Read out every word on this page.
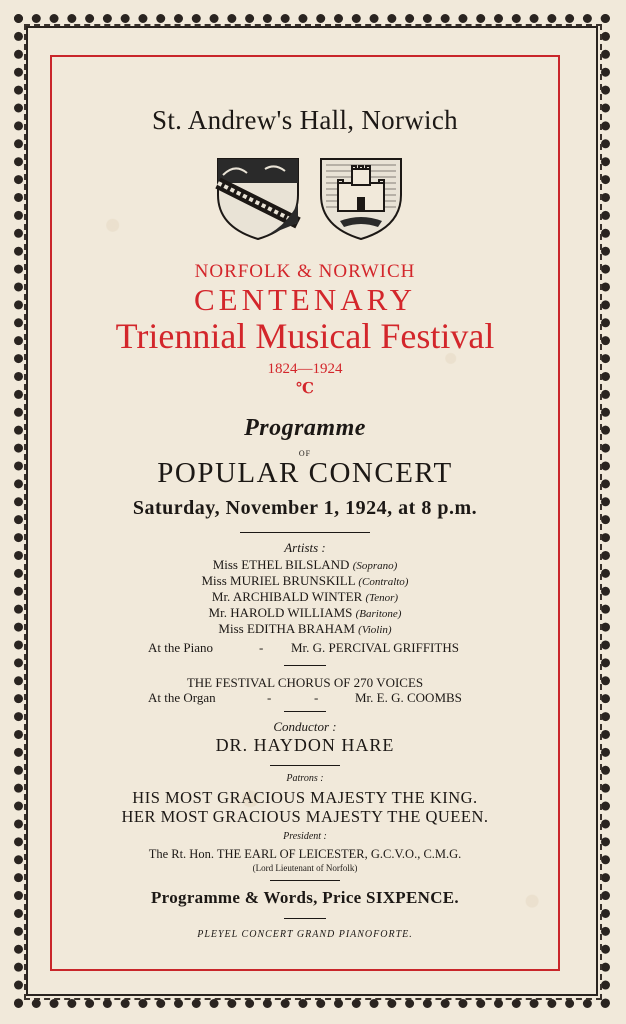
St. Andrew's Hall, Norwich
NORFOLK & NORWICH
CENTENARY
Triennial Musical Festival
1824—1924
℃
Programme
OF
POPULAR CONCERT
Saturday, November 1, 1924, at 8 p.m.
Artists :
Miss ETHEL BILSLAND (Soprano)
Miss MURIEL BRUNSKILL (Contralto)
Mr. ARCHIBALD WINTER (Tenor)
Mr. HAROLD WILLIAMS (Baritone)
Miss EDITHA BRAHAM (Violin)
At the Piano	- Mr. G. PERCIVAL GRIFFITHS
THE FESTIVAL CHORUS OF 270 VOICES
At the Organ	-	-	Mr. E. G. COOMBS
Conductor :
DR. HAYDON HARE
Patrons :
HIS MOST GRACIOUS MAJESTY THE KING.
HER MOST GRACIOUS MAJESTY THE QUEEN.
President :
The Rt. Hon. THE EARL OF LEICESTER, G.C.V.O., C.M.G.
(Lord Lieutenant of Norfolk)
Programme & Words, Price SIXPENCE.
PLEYEL CONCERT GRAND PIANOFORTE.
